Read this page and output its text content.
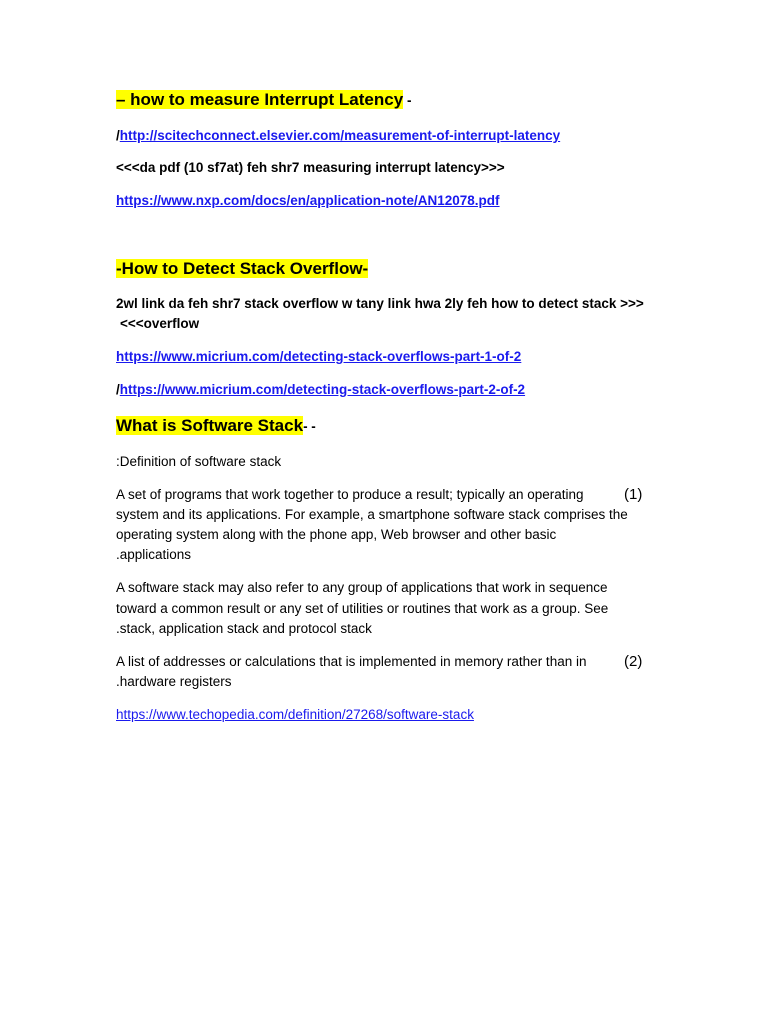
– how to measure Interrupt Latency -
/http://scitechconnect.elsevier.com/measurement-of-interrupt-latency
<<<da pdf (10 sf7at) feh shr7 measuring interrupt latency>>>
https://www.nxp.com/docs/en/application-note/AN12078.pdf
-How to Detect Stack Overflow-
2wl link da feh shr7 stack overflow w tany link hwa 2ly feh how to detect stack >>>
<<<overflow
https://www.micrium.com/detecting-stack-overflows-part-1-of-2
/https://www.micrium.com/detecting-stack-overflows-part-2-of-2
What is Software Stack- -
:Definition of software stack
(1)
A set of programs that work together to produce a result; typically an operating
system and its applications. For example, a smartphone software stack comprises the
operating system along with the phone app, Web browser and other basic
.applications
A software stack may also refer to any group of applications that work in sequence
toward a common result or any set of utilities or routines that work as a group. See
.stack, application stack and protocol stack
(2)
A list of addresses or calculations that is implemented in memory rather than in
.hardware registers
https://www.techopedia.com/definition/27268/software-stack
